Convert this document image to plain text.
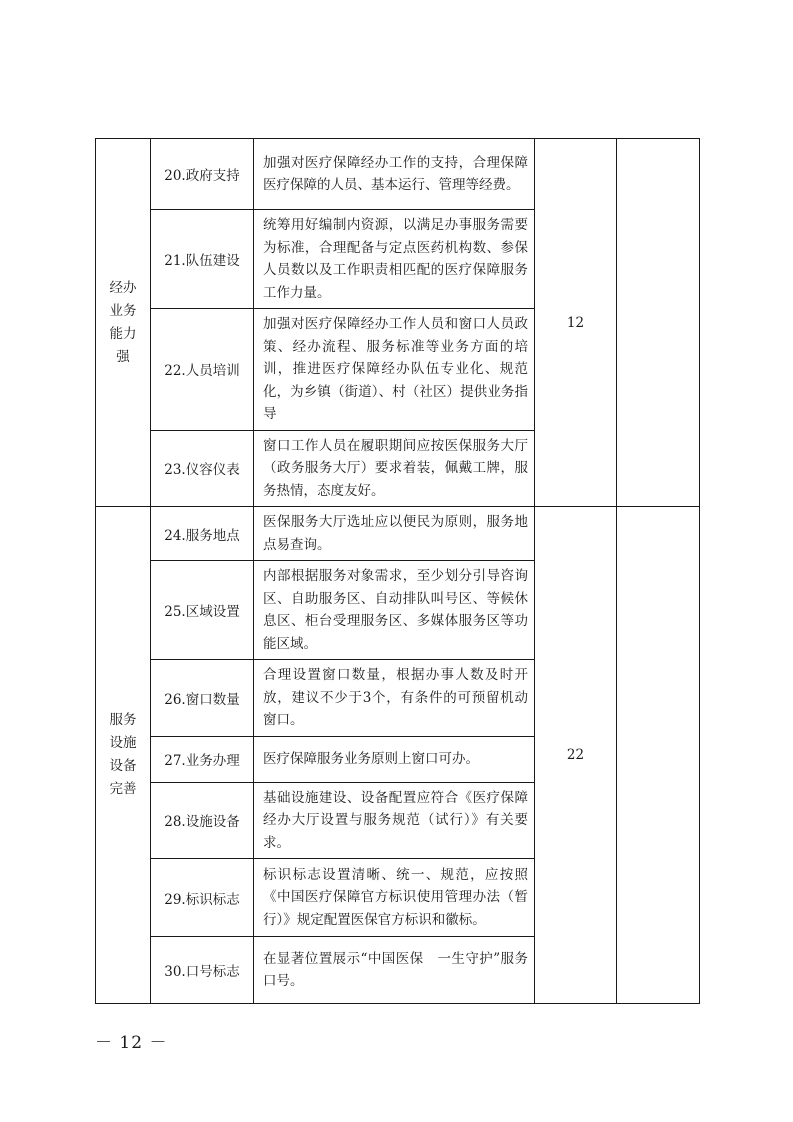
经办业务能力强	20.政府支持	加强对医疗保障经办工作的支持，合理保障医疗保障的人员、基本运行、管理等经费。	12	
	21.队伍建设	统筹用好编制内资源，以满足办事服务需要为标准，合理配备与定点医药机构数、参保人员数以及工作职责相匹配的医疗保障服务工作力量。		
	22.人员培训	加强对医疗保障经办工作人员和窗口人员政策、经办流程、服务标准等业务方面的培训，推进医疗保障经办队伍专业化、规范化，为乡镇（街道）、村（社区）提供业务指导		
	23.仪容仪表	窗口工作人员在履职期间应按医保服务大厅（政务服务大厅）要求着装，佩戴工牌，服务热情，态度友好。		
服务设施设备完善	24.服务地点	医保服务大厅选址应以便民为原则，服务地点易查询。	22	
	25.区域设置	内部根据服务对象需求，至少划分引导咨询区、自助服务区、自动排队叫号区、等候休息区、柜台受理服务区、多媒体服务区等功能区域。		
	26.窗口数量	合理设置窗口数量，根据办事人数及时开放，建议不少于3个，有条件的可预留机动窗口。		
	27.业务办理	医疗保障服务业务原则上窗口可办。		
	28.设施设备	基础设施建设、设备配置应符合《医疗保障经办大厅设置与服务规范（试行）》有关要求。		
	29.标识标志	标识标志设置清晰、统一、规范，应按照《中国医疗保障官方标识使用管理办法（暂行）》规定配置医保官方标识和徽标。		
	30.口号标志	在显著位置展示“中国医保　一生守护”服务口号。		
－ 12 －
